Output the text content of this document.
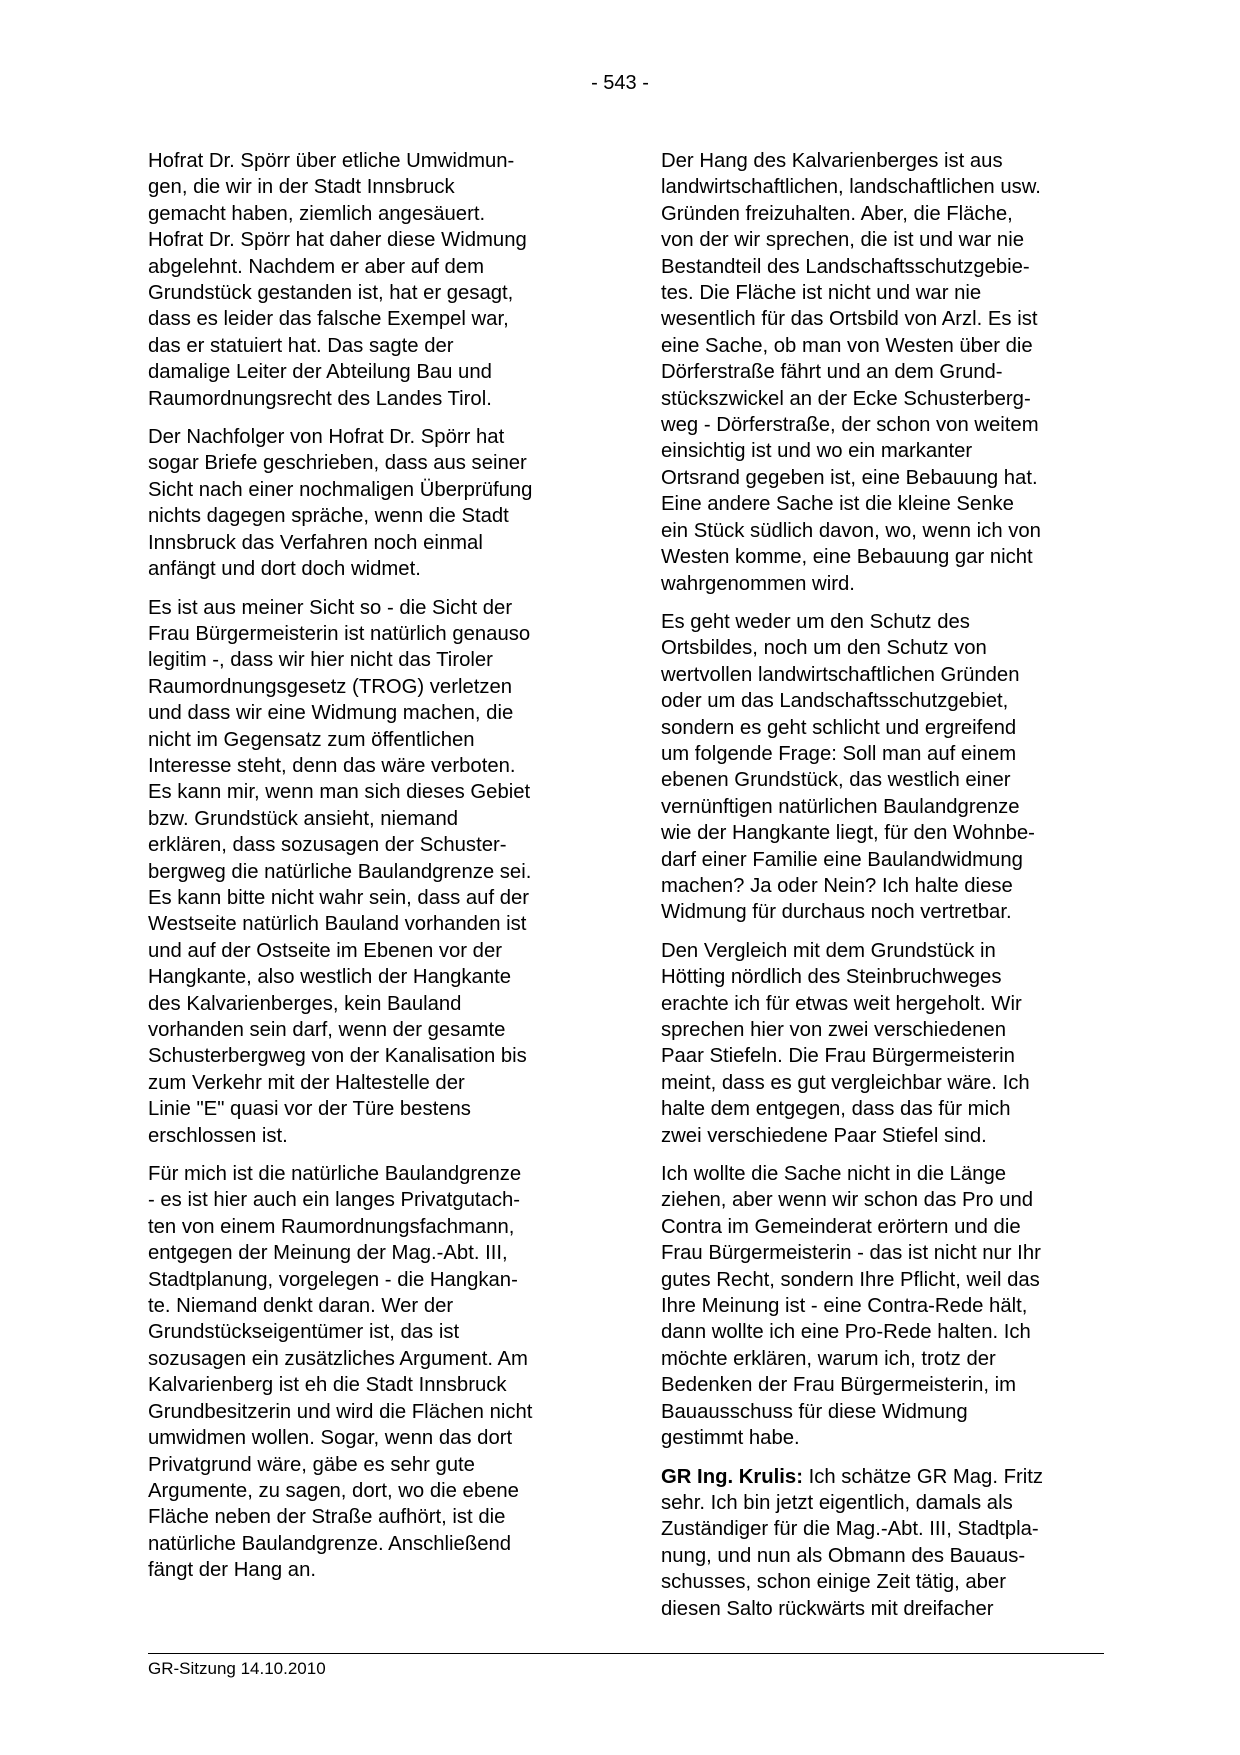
- 543 -

Hofrat Dr. Spörr über etliche Umwidmun-
gen, die wir in der Stadt Innsbruck
gemacht haben, ziemlich angesäuert.
Hofrat Dr. Spörr hat daher diese Widmung
abgelehnt. Nachdem er aber auf dem
Grundstück gestanden ist, hat er gesagt,
dass es leider das falsche Exempel war,
das er statuiert hat. Das sagte der
damalige Leiter der Abteilung Bau und
Raumordnungsrecht des Landes Tirol.

Der Nachfolger von Hofrat Dr. Spörr hat
sogar Briefe geschrieben, dass aus seiner
Sicht nach einer nochmaligen Überprüfung
nichts dagegen spräche, wenn die Stadt
Innsbruck das Verfahren noch einmal
anfängt und dort doch widmet.

Es ist aus meiner Sicht so - die Sicht der
Frau Bürgermeisterin ist natürlich genauso
legitim -, dass wir hier nicht das Tiroler
Raumordnungsgesetz (TROG) verletzen
und dass wir eine Widmung machen, die
nicht im Gegensatz zum öffentlichen
Interesse steht, denn das wäre verboten.
Es kann mir, wenn man sich dieses Gebiet
bzw. Grundstück ansieht, niemand
erklären, dass sozusagen der Schuster-
bergweg die natürliche Baulandgrenze sei.
Es kann bitte nicht wahr sein, dass auf der
Westseite natürlich Bauland vorhanden ist
und auf der Ostseite im Ebenen vor der
Hangkante, also westlich der Hangkante
des Kalvarienberges, kein Bauland
vorhanden sein darf, wenn der gesamte
Schusterbergweg von der Kanalisation bis
zum Verkehr mit der Haltestelle der
Linie "E" quasi vor der Türe bestens
erschlossen ist.

Für mich ist die natürliche Baulandgrenze
- es ist hier auch ein langes Privatgutach-
ten von einem Raumordnungsfachmann,
entgegen der Meinung der Mag.-Abt. III,
Stadtplanung, vorgelegen - die Hangkan-
te. Niemand denkt daran. Wer der
Grundstückseigentümer ist, das ist
sozusagen ein zusätzliches Argument. Am
Kalvarienberg ist eh die Stadt Innsbruck
Grundbesitzerin und wird die Flächen nicht
umwidmen wollen. Sogar, wenn das dort
Privatgrund wäre, gäbe es sehr gute
Argumente, zu sagen, dort, wo die ebene
Fläche neben der Straße aufhört, ist die
natürliche Baulandgrenze. Anschließend
fängt der Hang an.

Der Hang des Kalvarienberges ist aus
landwirtschaftlichen, landschaftlichen usw.
Gründen freizuhalten. Aber, die Fläche,
von der wir sprechen, die ist und war nie
Bestandteil des Landschaftsschutzgebie-
tes. Die Fläche ist nicht und war nie
wesentlich für das Ortsbild von Arzl. Es ist
eine Sache, ob man von Westen über die
Dörferstraße fährt und an dem Grund-
stückszwickel an der Ecke Schusterberg-
weg - Dörferstraße, der schon von weitem
einsichtig ist und wo ein markanter
Ortsrand gegeben ist, eine Bebauung hat.
Eine andere Sache ist die kleine Senke
ein Stück südlich davon, wo, wenn ich von
Westen komme, eine Bebauung gar nicht
wahrgenommen wird.

Es geht weder um den Schutz des
Ortsbildes, noch um den Schutz von
wertvollen landwirtschaftlichen Gründen
oder um das Landschaftsschutzgebiet,
sondern es geht schlicht und ergreifend
um folgende Frage: Soll man auf einem
ebenen Grundstück, das westlich einer
vernünftigen natürlichen Baulandgrenze
wie der Hangkante liegt, für den Wohnbe-
darf einer Familie eine Baulandwidmung
machen? Ja oder Nein? Ich halte diese
Widmung für durchaus noch vertretbar.

Den Vergleich mit dem Grundstück in
Hötting nördlich des Steinbruchweges
erachte ich für etwas weit hergeholt. Wir
sprechen hier von zwei verschiedenen
Paar Stiefeln. Die Frau Bürgermeisterin
meint, dass es gut vergleichbar wäre. Ich
halte dem entgegen, dass das für mich
zwei verschiedene Paar Stiefel sind.

Ich wollte die Sache nicht in die Länge
ziehen, aber wenn wir schon das Pro und
Contra im Gemeinderat erörtern und die
Frau Bürgermeisterin - das ist nicht nur Ihr
gutes Recht, sondern Ihre Pflicht, weil das
Ihre Meinung ist - eine Contra-Rede hält,
dann wollte ich eine Pro-Rede halten. Ich
möchte erklären, warum ich, trotz der
Bedenken der Frau Bürgermeisterin, im
Bauausschuss für diese Widmung
gestimmt habe.

GR Ing. Krulis: Ich schätze GR Mag. Fritz
sehr. Ich bin jetzt eigentlich, damals als
Zuständiger für die Mag.-Abt. III, Stadtpla-
nung, und nun als Obmann des Bauaus-
schusses, schon einige Zeit tätig, aber
diesen Salto rückwärts mit dreifacher

GR-Sitzung 14.10.2010
